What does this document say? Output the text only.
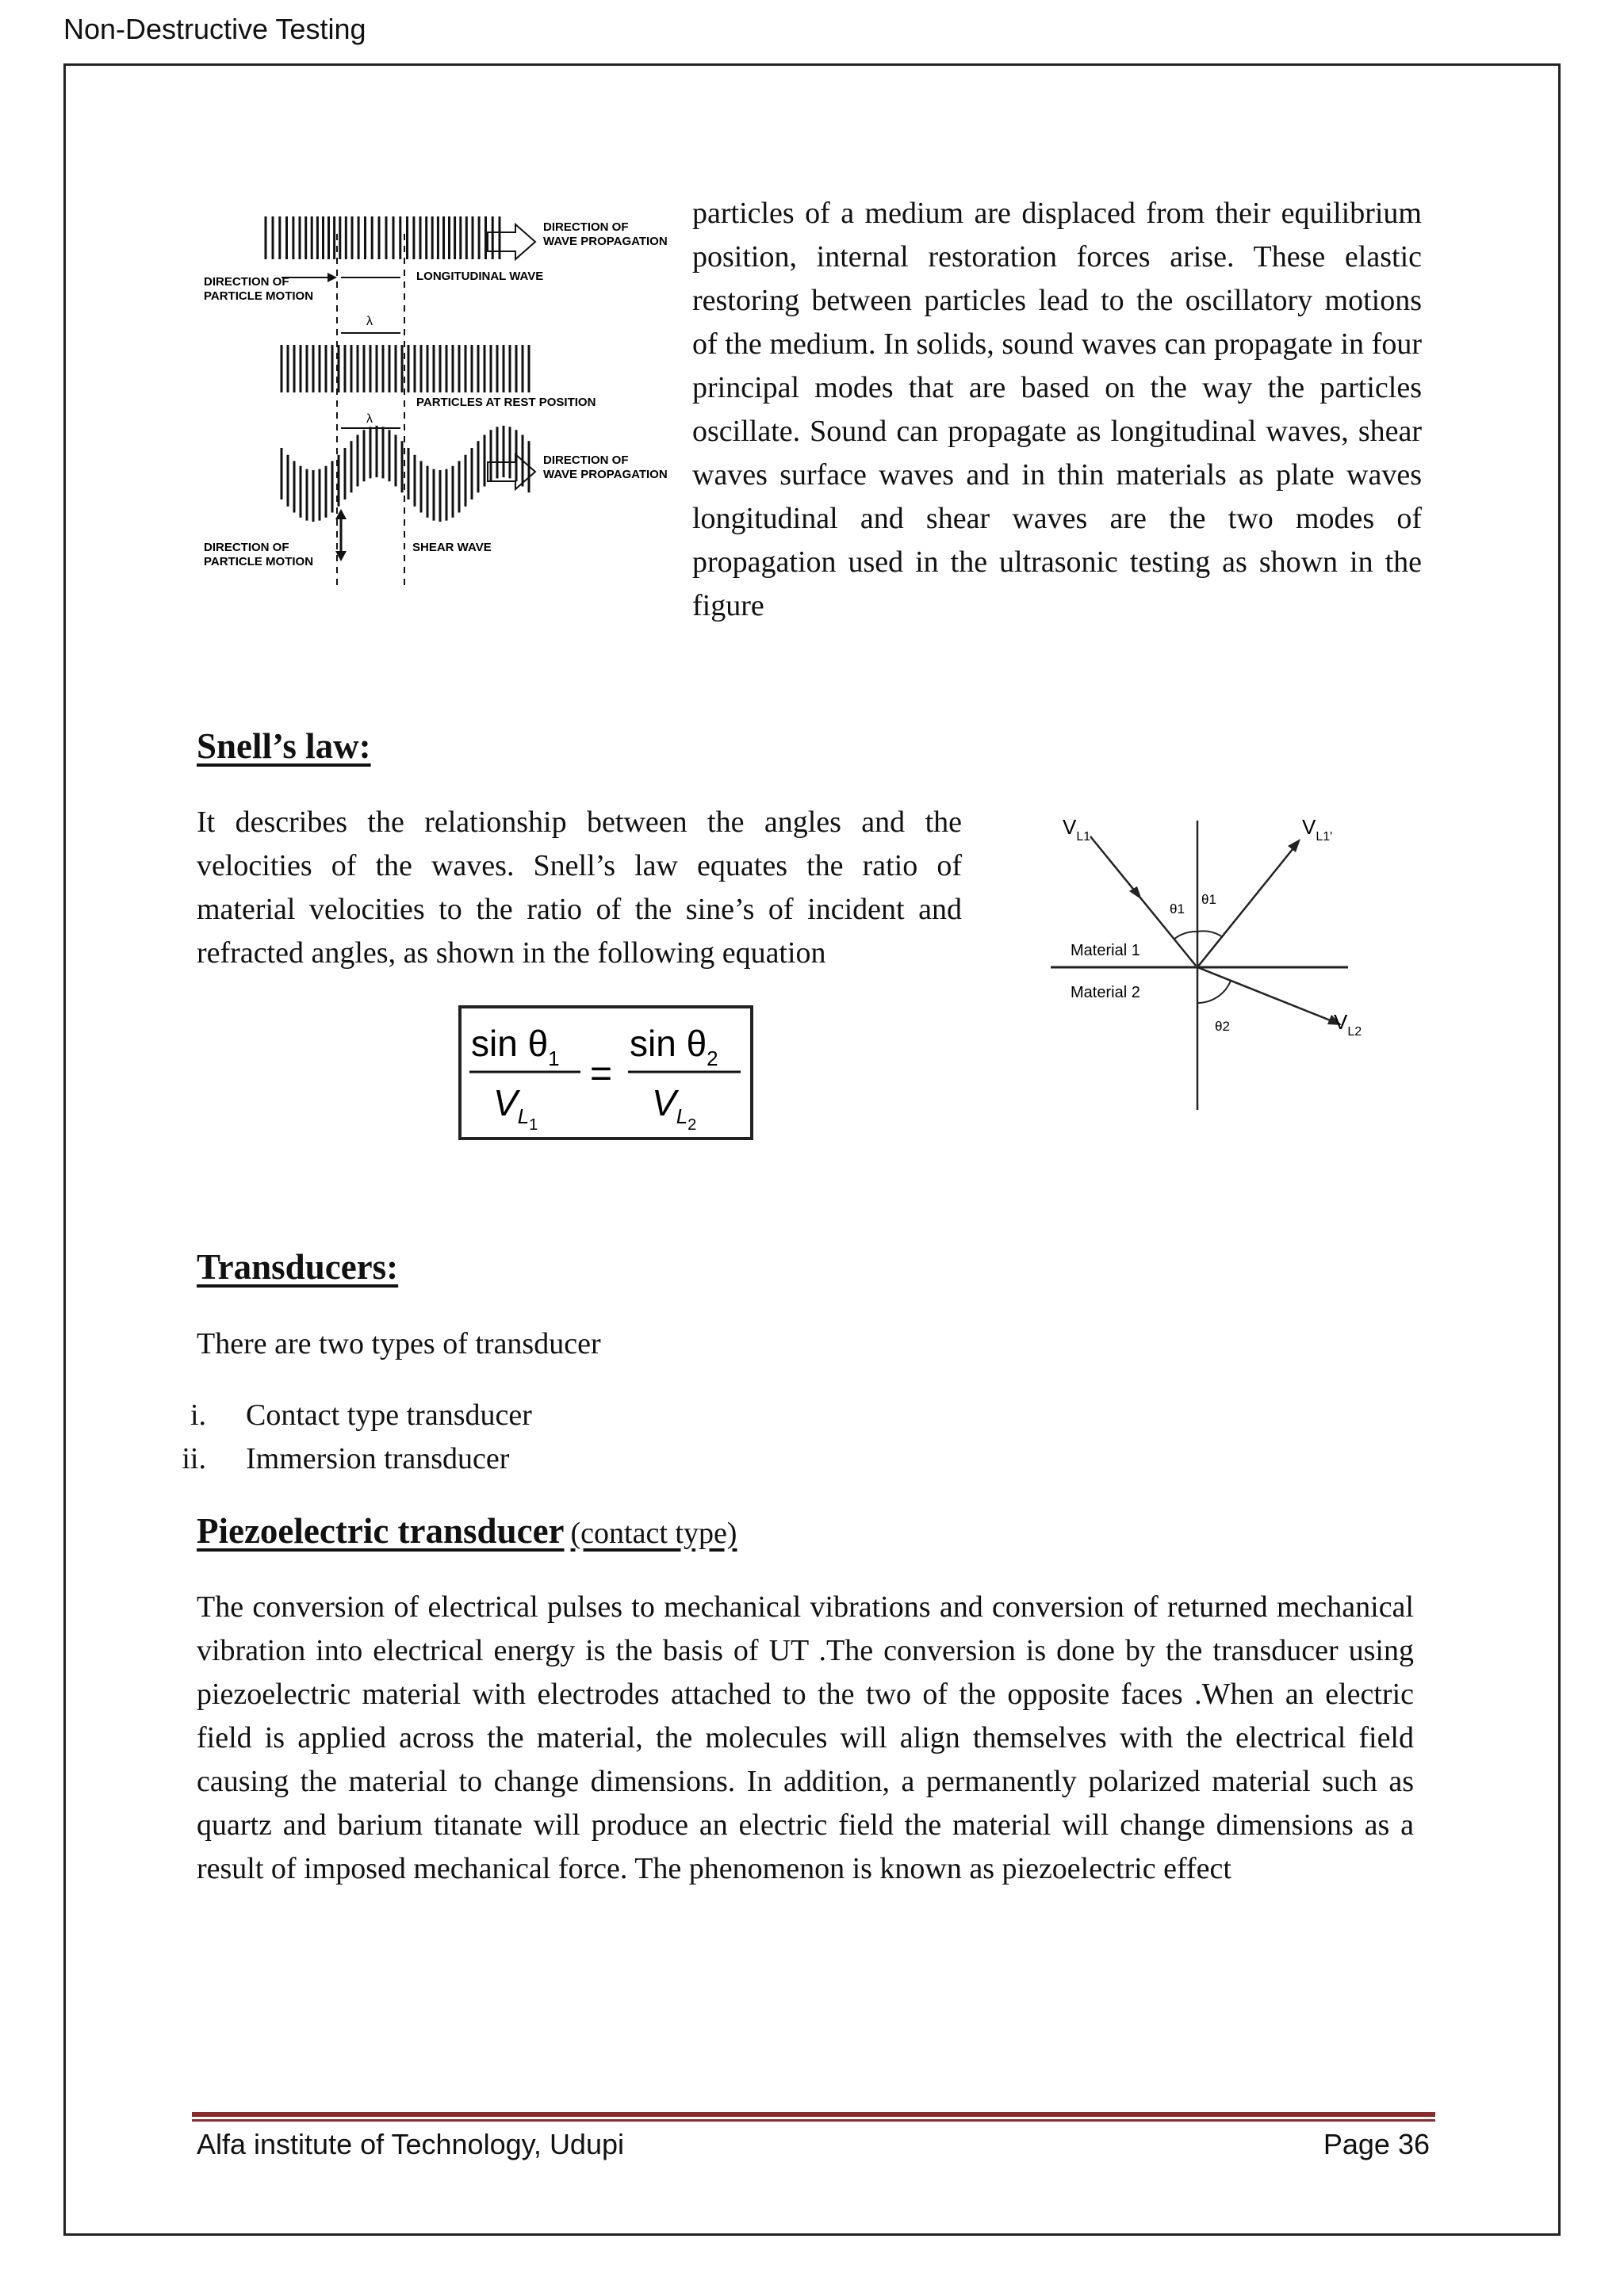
Non-Destructive Testing
λ
λ
DIRECTION OF
WAVE PROPAGATION
DIRECTION OF
PARTICLE MOTION
LONGITUDINAL WAVE
PARTICLES AT REST POSITION
DIRECTION OF
WAVE PROPAGATION
DIRECTION OF
PARTICLE MOTION
SHEAR WAVE
particles of a medium are displaced from their equilibrium position, internal restoration forces arise. These elastic restoring between particles lead to the oscillatory motions of the medium. In solids, sound waves can propagate in four principal modes that are based on the way the particles oscillate. Sound can propagate as longitudinal waves, shear waves surface waves and in thin materials as plate waves longitudinal and shear waves are the two modes of propagation used in the ultrasonic testing as shown in the figure
Snell’s law:
It describes the relationship between the angles and the velocities of the waves. Snell’s law equates the ratio of material velocities to the ratio of the sine’s of incident and refracted angles, as shown in the following equation
$\sin \theta_1$
$V_L1$
=
$\sin \theta_2$
$V_L2$
$V_{L1}$	$V_{L1'}$
θ1
θ1
Material 1
Material 2
θ2	$V_{L2}$
Transducers:
There are two types of transducer
i. Contact type transducer
ii. Immersion transducer
Piezoelectric transducer (contact type)
The conversion of electrical pulses to mechanical vibrations and conversion of returned mechanical vibration into electrical energy is the basis of UT .The conversion is done by the transducer using piezoelectric material with electrodes attached to the two of the opposite faces .When an electric field is applied across the material, the molecules will align themselves with the electrical field causing the material to change dimensions. In addition, a permanently polarized material such as quartz and barium titanate will produce an electric field the material will change dimensions as a result of imposed mechanical force. The phenomenon is known as piezoelectric effect
Alfa institute of Technology, Udupi	Page 36
